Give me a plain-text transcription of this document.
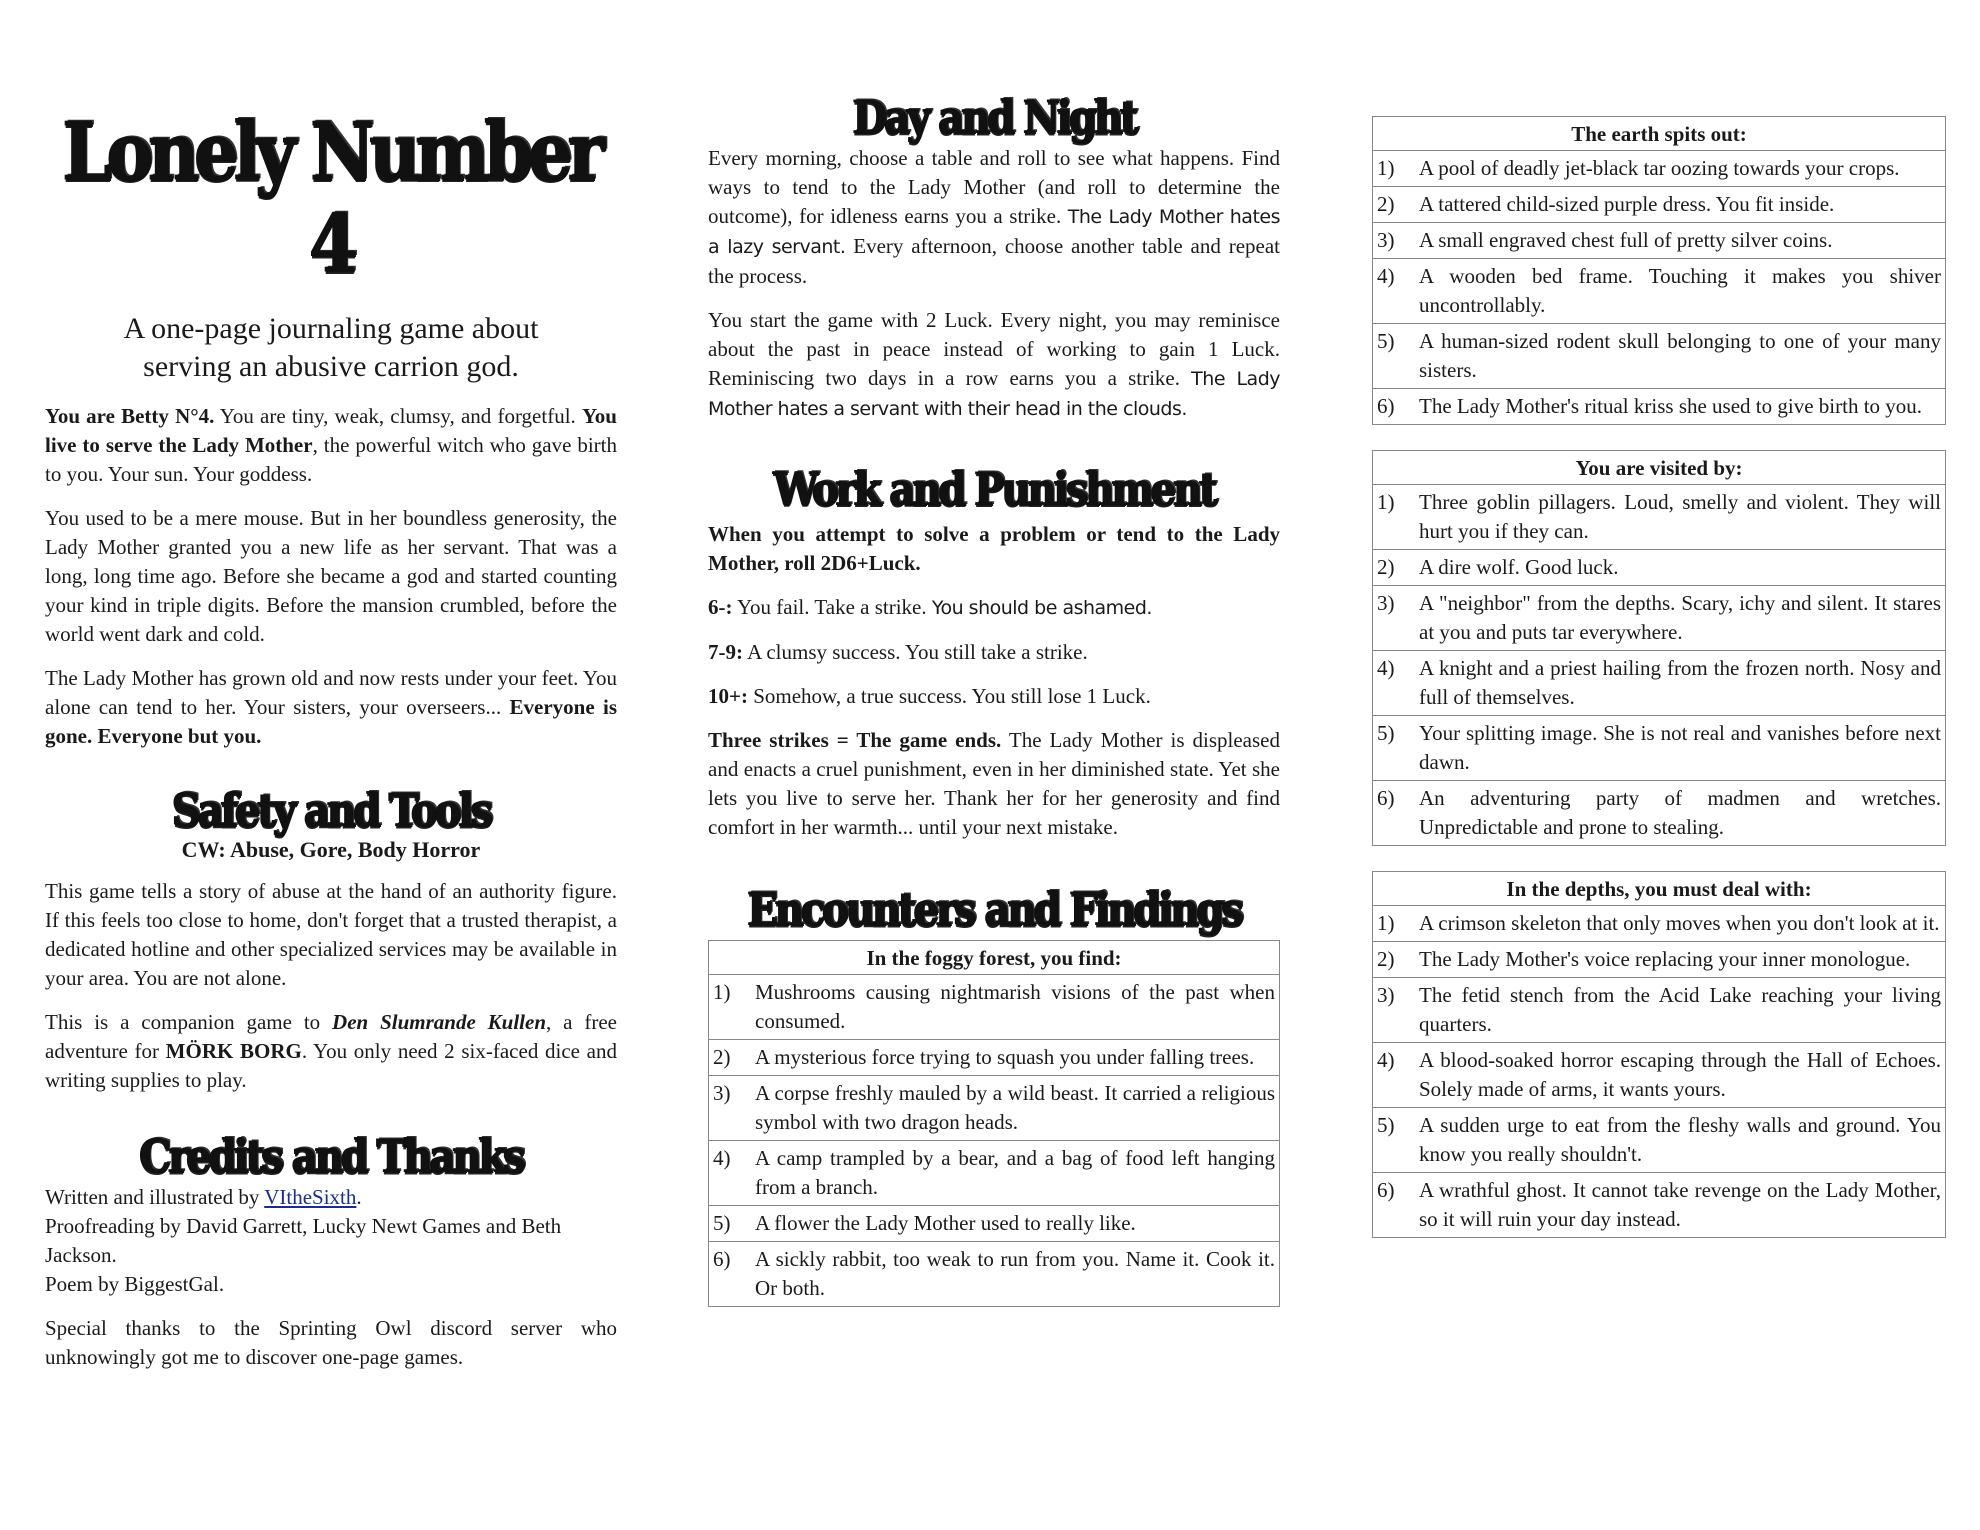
Lonely Number 4
A one-page journaling game about
serving an abusive carrion god.

You are Betty N°4. You are tiny, weak, clumsy, and forgetful. You live to serve the Lady Mother, the powerful witch who gave birth to you. Your sun. Your goddess.

You used to be a mere mouse. But in her boundless generosity, the Lady Mother granted you a new life as her servant. That was a long, long time ago. Before she became a god and started counting your kind in triple digits. Before the mansion crumbled, before the world went dark and cold.

The Lady Mother has grown old and now rests under your feet. You alone can tend to her. Your sisters, your overseers... Everyone is gone. Everyone but you.

Safety and Tools
CW: Abuse, Gore, Body Horror

This game tells a story of abuse at the hand of an authority figure. If this feels too close to home, don't forget that a trusted therapist, a dedicated hotline and other specialized services may be available in your area. You are not alone.

This is a companion game to Den Slumrande Kullen, a free adventure for MÖRK BORG. You only need 2 six-faced dice and writing supplies to play.

Credits and Thanks

Written and illustrated by VItheSixth.

Proofreading by David Garrett, Lucky Newt Games and Beth Jackson.

Poem by BiggestGal.

Special thanks to the Sprinting Owl discord server who unknowingly got me to discover one-page games.

Day and Night

Every morning, choose a table and roll to see what happens. Find ways to tend to the Lady Mother (and roll to determine the outcome), for idleness earns you a strike. The Lady Mother hates a lazy servant. Every afternoon, choose another table and repeat the process.

You start the game with 2 Luck. Every night, you may reminisce about the past in peace instead of working to gain 1 Luck. Reminiscing two days in a row earns you a strike. The Lady Mother hates a servant with their head in the clouds.

Work and Punishment

When you attempt to solve a problem or tend to the Lady Mother, roll 2D6+Luck.

6-: You fail. Take a strike. You should be ashamed.

7-9: A clumsy success. You still take a strike.

10+: Somehow, a true success. You still lose 1 Luck.

Three strikes = The game ends. The Lady Mother is displeased and enacts a cruel punishment, even in her diminished state. Yet she lets you live to serve her. Thank her for her generosity and find comfort in her warmth... until your next mistake.

Encounters and Findings
In the foggy forest, you find:	
1)	Mushrooms causing nightmarish visions of the past when consumed.
2)	A mysterious force trying to squash you under falling trees.
3)	A corpse freshly mauled by a wild beast. It carried a religious symbol with two dragon heads.
4)	A camp trampled by a bear, and a bag of food left hanging from a branch.
5)	A flower the Lady Mother used to really like.
6)	A sickly rabbit, too weak to run from you. Name it. Cook it. Or both.
The earth spits out:	
1)	A pool of deadly jet-black tar oozing towards your crops.
2)	A tattered child-sized purple dress. You fit inside.
3)	A small engraved chest full of pretty silver coins.
4)	A wooden bed frame. Touching it makes you shiver uncontrollably.
5)	A human-sized rodent skull belonging to one of your many sisters.
6)	The Lady Mother's ritual kriss she used to give birth to you.
You are visited by:	
1)	Three goblin pillagers. Loud, smelly and violent. They will hurt you if they can.
2)	A dire wolf. Good luck.
3)	A "neighbor" from the depths. Scary, ichy and silent. It stares at you and puts tar everywhere.
4)	A knight and a priest hailing from the frozen north. Nosy and full of themselves.
5)	Your splitting image. She is not real and vanishes before next dawn.
6)	An adventuring party of madmen and wretches. Unpredictable and prone to stealing.
In the depths, you must deal with:	
1)	A crimson skeleton that only moves when you don't look at it.
2)	The Lady Mother's voice replacing your inner monologue.
3)	The fetid stench from the Acid Lake reaching your living quarters.
4)	A blood-soaked horror escaping through the Hall of Echoes. Solely made of arms, it wants yours.
5)	A sudden urge to eat from the fleshy walls and ground. You know you really shouldn't.
6)	A wrathful ghost. It cannot take revenge on the Lady Mother, so it will ruin your day instead.
